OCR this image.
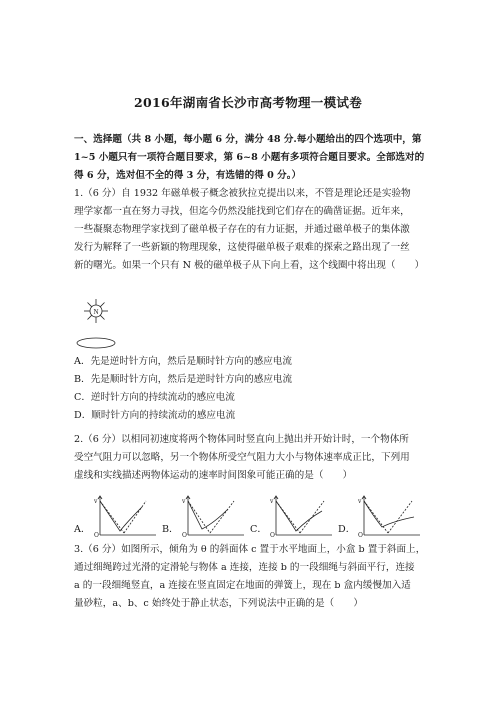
2016年湖南省长沙市高考物理一模试卷
一、选择题（共 8 小题，每小题 6 分，满分 48 分.每小题给出的四个选项中，第
1~5 小题只有一项符合题目要求，第 6~8 小题有多项符合题目要求。全部选对的
得 6 分，选对但不全的得 3 分，有选错的得 0 分。）
1.（6 分）自 1932 年磁单极子概念被狄拉克提出以来，不管是理论还是实验物
理学家都一直在努力寻找，但迄今仍然没能找到它们存在的确凿证据。近年来，
一些凝聚态物理学家找到了磁单极子存在的有力证据，并通过磁单极子的集体激
发行为解释了一些新颖的物理现象，这使得磁单极子艰难的探索之路出现了一丝
新的曙光。如果一个只有 N 极的磁单极子从下向上看，这个线圈中将出现（　　）
N
A．先是逆时针方向，然后是顺时针方向的感应电流
B．先是顺时针方向，然后是逆时针方向的感应电流
C．逆时针方向的持续流动的感应电流
D．顺时针方向的持续流动的感应电流
2.（6 分）以相同初速度将两个物体同时竖直向上抛出并开始计时，一个物体所
受空气阻力可以忽略，另一个物体所受空气阻力大小与物体速率成正比，下列用
虚线和实线描述两物体运动的速率时间图象可能正确的是（　　）
A．
v
O
B．
v
O
C．
v
O
D．
v
O
3.（6 分）如图所示，倾角为 θ 的斜面体 c 置于水平地面上，小盒 b 置于斜面上，
通过细绳跨过光滑的定滑轮与物体 a 连接，连接 b 的一段细绳与斜面平行，连接
a 的一段细绳竖直，a 连接在竖直固定在地面的弹簧上，现在 b 盒内缓慢加入适
量砂粒，a、b、c 始终处于静止状态，下列说法中正确的是（　　）
